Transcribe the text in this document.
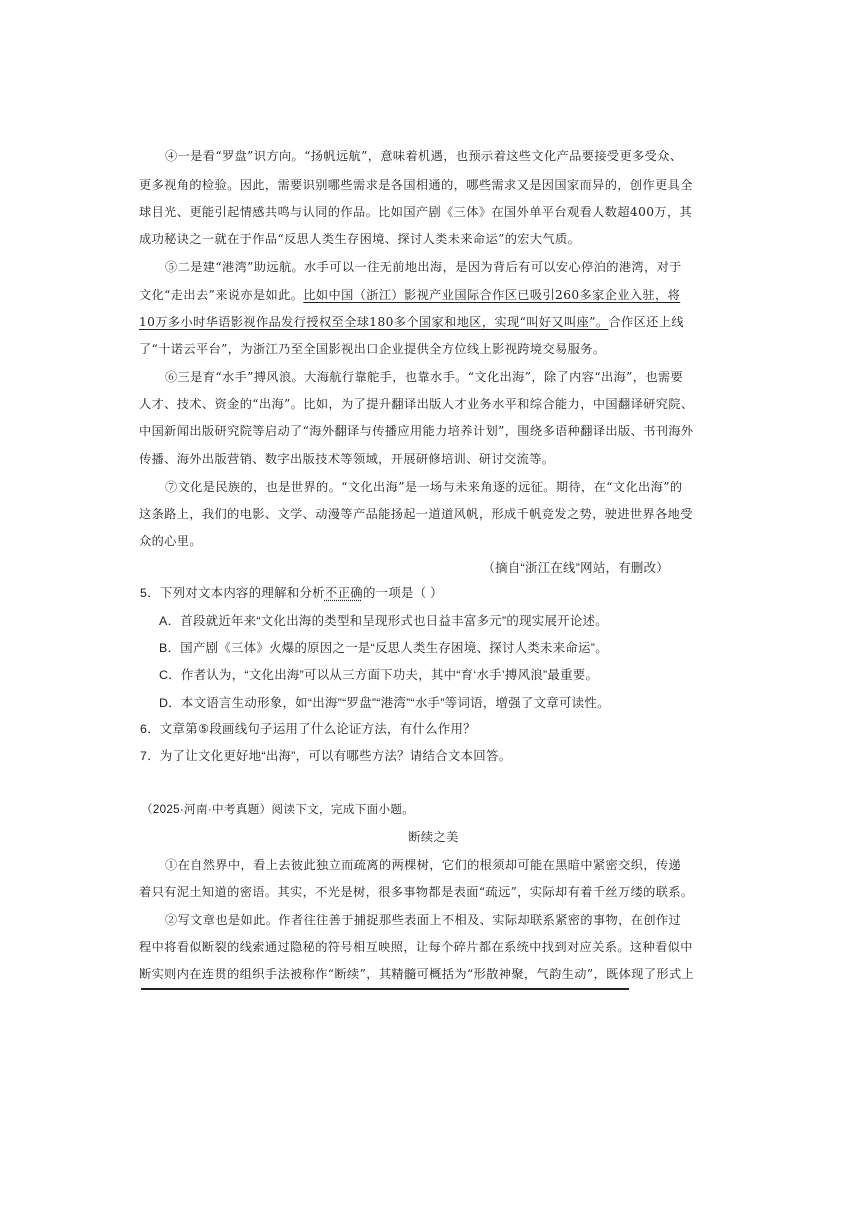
④一是看“罗盘”识方向。“扬帆远航”，意味着机遇，也预示着这些文化产品要接受更多受众、
更多视角的检验。因此，需要识别哪些需求是各国相通的，哪些需求又是因国家而异的，创作更具全
球目光、更能引起情感共鸣与认同的作品。比如国产剧《三体》在国外单平台观看人数超400万，其
成功秘诀之一就在于作品“反思人类生存困境、探讨人类未来命运”的宏大气质。
⑤二是建“港湾”助远航。水手可以一往无前地出海，是因为背后有可以安心停泊的港湾，对于
文化“走出去”来说亦是如此。比如中国（浙江）影视产业国际合作区已吸引260多家企业入驻，将
10万多小时华语影视作品发行授权至全球180多个国家和地区，实现“叫好又叫座”。合作区还上线
了“十诺云平台”，为浙江乃至全国影视出口企业提供全方位线上影视跨境交易服务。
⑥三是育“水手”搏风浪。大海航行靠舵手，也靠水手。“文化出海”，除了内容“出海”，也需要
人才、技术、资金的“出海”。比如，为了提升翻译出版人才业务水平和综合能力，中国翻译研究院、
中国新闻出版研究院等启动了“海外翻译与传播应用能力培养计划”，围绕多语种翻译出版、书刊海外
传播、海外出版营销、数字出版技术等领域，开展研修培训、研讨交流等。
⑦文化是民族的，也是世界的。“文化出海”是一场与未来角逐的远征。期待，在“文化出海”的
这条路上，我们的电影、文学、动漫等产品能扬起一道道风帆，形成千帆竞发之势，驶进世界各地受
众的心里。
（摘自“浙江在线”网站，有删改）
5．下列对文本内容的理解和分析不正确的一项是（ ）
A．首段就近年来“文化出海的类型和呈现形式也日益丰富多元”的现实展开论述。
B．国产剧《三体》火爆的原因之一是“反思人类生存困境、探讨人类未来命运”。
C．作者认为，“文化出海”可以从三方面下功夫，其中“育‘水手’搏风浪”最重要。
D．本文语言生动形象，如“出海”“罗盘”“港湾”“水手”等词语，增强了文章可读性。
6．文章第⑤段画线句子运用了什么论证方法，有什么作用？
7．为了让文化更好地“出海”，可以有哪些方法？请结合文本回答。
（2025·河南·中考真题）阅读下文，完成下面小题。
断续之美
①在自然界中，看上去彼此独立而疏离的两棵树，它们的根须却可能在黑暗中紧密交织，传递
着只有泥土知道的密语。其实，不光是树，很多事物都是表面“疏远”，实际却有着千丝万缕的联系。
②写文章也是如此。作者往往善于捕捉那些表面上不相及、实际却联系紧密的事物，在创作过
程中将看似断裂的线索通过隐秘的符号相互映照，让每个碎片都在系统中找到对应关系。这种看似中
断实则内在连贯的组织手法被称作“断续”，其精髓可概括为“形散神聚，气韵生动”，既体现了形式上
